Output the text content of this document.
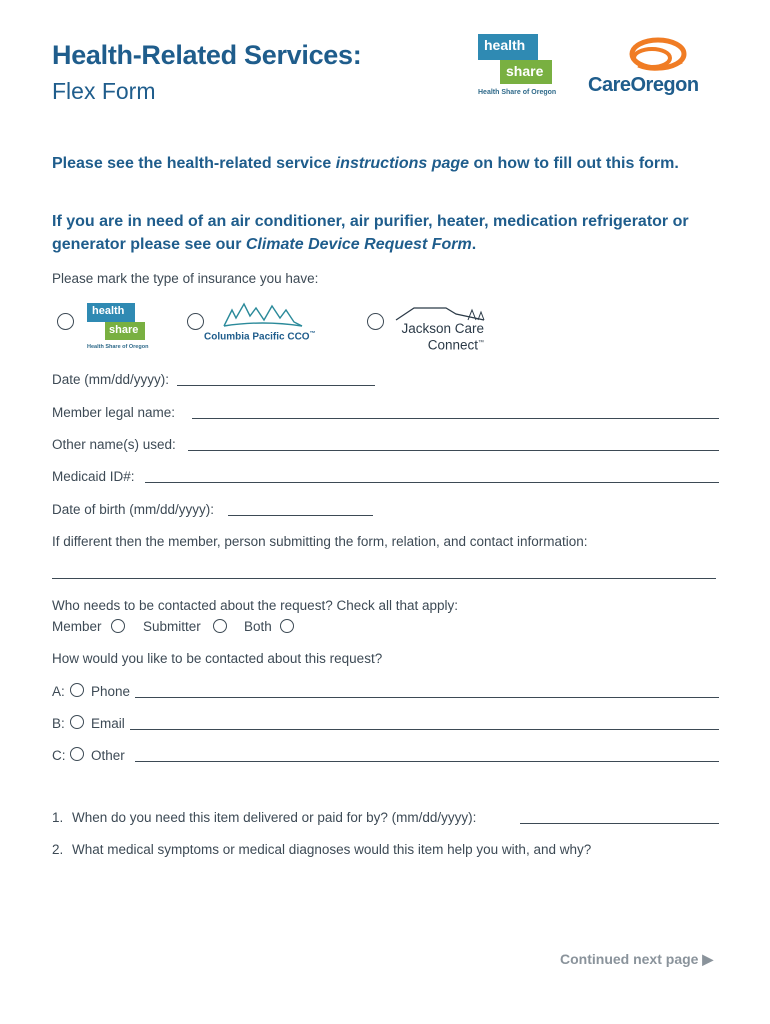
Health-Related Services:
Flex Form
health
share
Health Share of Oregon CareOregon
Please see the health-related service instructions page on how to fill out this form.
If you are in need of an air conditioner, air purifier, heater, medication refrigerator or generator please see our Climate Device Request Form.
Please mark the type of insurance you have:
health
share
Health Share of Oregon
Columbia Pacific CCO™	Jackson Care
Connect™
Date (mm/dd/yyyy):
Member legal name:
Other name(s) used:
Medicaid ID#:
Date of birth (mm/dd/yyyy):
If different then the member, person submitting the form, relation, and contact information:
Who needs to be contacted about the request? Check all that apply:
Member	Submitter	Both
How would you like to be contacted about this request?
A: Phone
B: Email
C: Other
1. When do you need this item delivered or paid for by? (mm/dd/yyyy):
2. What medical symptoms or medical diagnoses would this item help you with, and why?
Continued next page ▶
